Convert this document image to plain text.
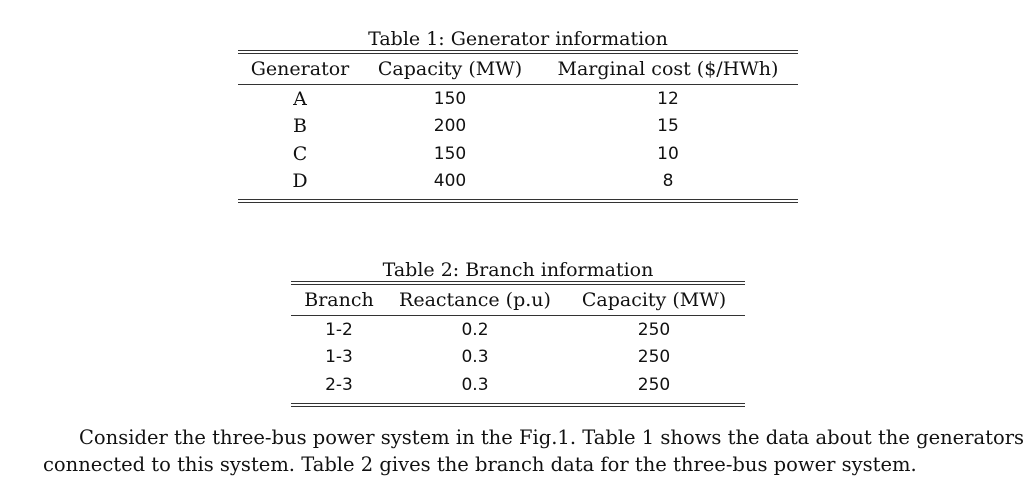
Table 1: Generator information
Generator	Capacity (MW)	Marginal cost ($/HWh)
A	150	12
B	200	15
C	150	10
D	400	8
Table 2: Branch information
Branch	Reactance (p.u)	Capacity (MW)
1-2	0.2	250
1-3	0.3	250
2-3	0.3	250
Consider the three-bus power system in the Fig.1. Table 1 shows the data about the generators
connected to this system. Table 2 gives the branch data for the three-bus power system.
